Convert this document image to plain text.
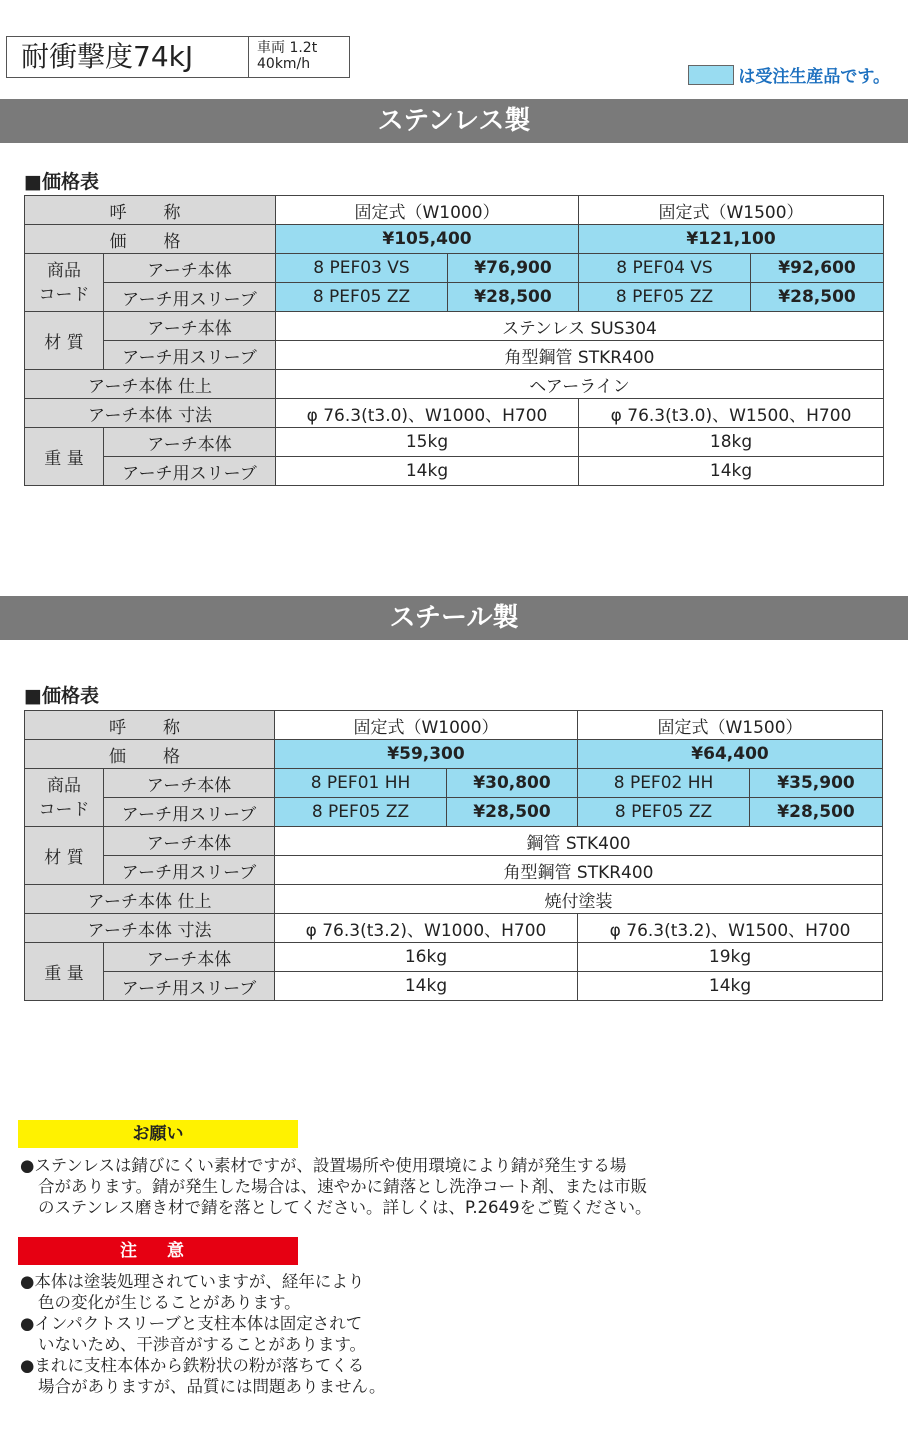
耐衝撃度74kJ	車両 1.2t
40km/h
は受注生産品です。
ステンレス製
■価格表
呼　称		固定式（W1000）		固定式（W1500）	
価　格		¥105,400		¥121,100	

商品
コード	アーチ本体	8 PEF03 VS	¥76,900	8 PEF04 VS	¥92,600
	アーチ用スリーブ	8 PEF05 ZZ	¥28,500	8 PEF05 ZZ	¥28,500
材 質	アーチ本体	ステンレス SUS304			
	アーチ用スリーブ	角型鋼管 STKR400			
アーチ本体 仕上		ヘアーライン			
アーチ本体 寸法		φ 76.3(t3.0)、W1000、H700		φ 76.3(t3.0)、W1500、H700	
重 量	アーチ本体	15kg		18kg	
	アーチ用スリーブ	14kg		14kg	
スチール製
■価格表
呼　称		固定式（W1000）		固定式（W1500）	
価　格		¥59,300		¥64,400	

商品
コード	アーチ本体	8 PEF01 HH	¥30,800	8 PEF02 HH	¥35,900
	アーチ用スリーブ	8 PEF05 ZZ	¥28,500	8 PEF05 ZZ	¥28,500
材 質	アーチ本体	鋼管 STK400			
	アーチ用スリーブ	角型鋼管 STKR400			
アーチ本体 仕上		焼付塗装			
アーチ本体 寸法		φ 76.3(t3.2)、W1000、H700		φ 76.3(t3.2)、W1500、H700	
重 量	アーチ本体	16kg		19kg	
	アーチ用スリーブ	14kg		14kg	
お願い
●ステンレスは錆びにくい素材ですが、設置場所や使用環境により錆が発生する場
合があります。錆が発生した場合は、速やかに錆落とし洗浄コート剤、または市販
のステンレス磨き材で錆を落としてください。詳しくは、P.2649をご覧ください。
注 意
●本体は塗装処理されていますが、経年により
色の変化が生じることがあります。
●インパクトスリーブと支柱本体は固定されて
いないため、干渉音がすることがあります。
●まれに支柱本体から鉄粉状の粉が落ちてくる
場合がありますが、品質には問題ありません。
